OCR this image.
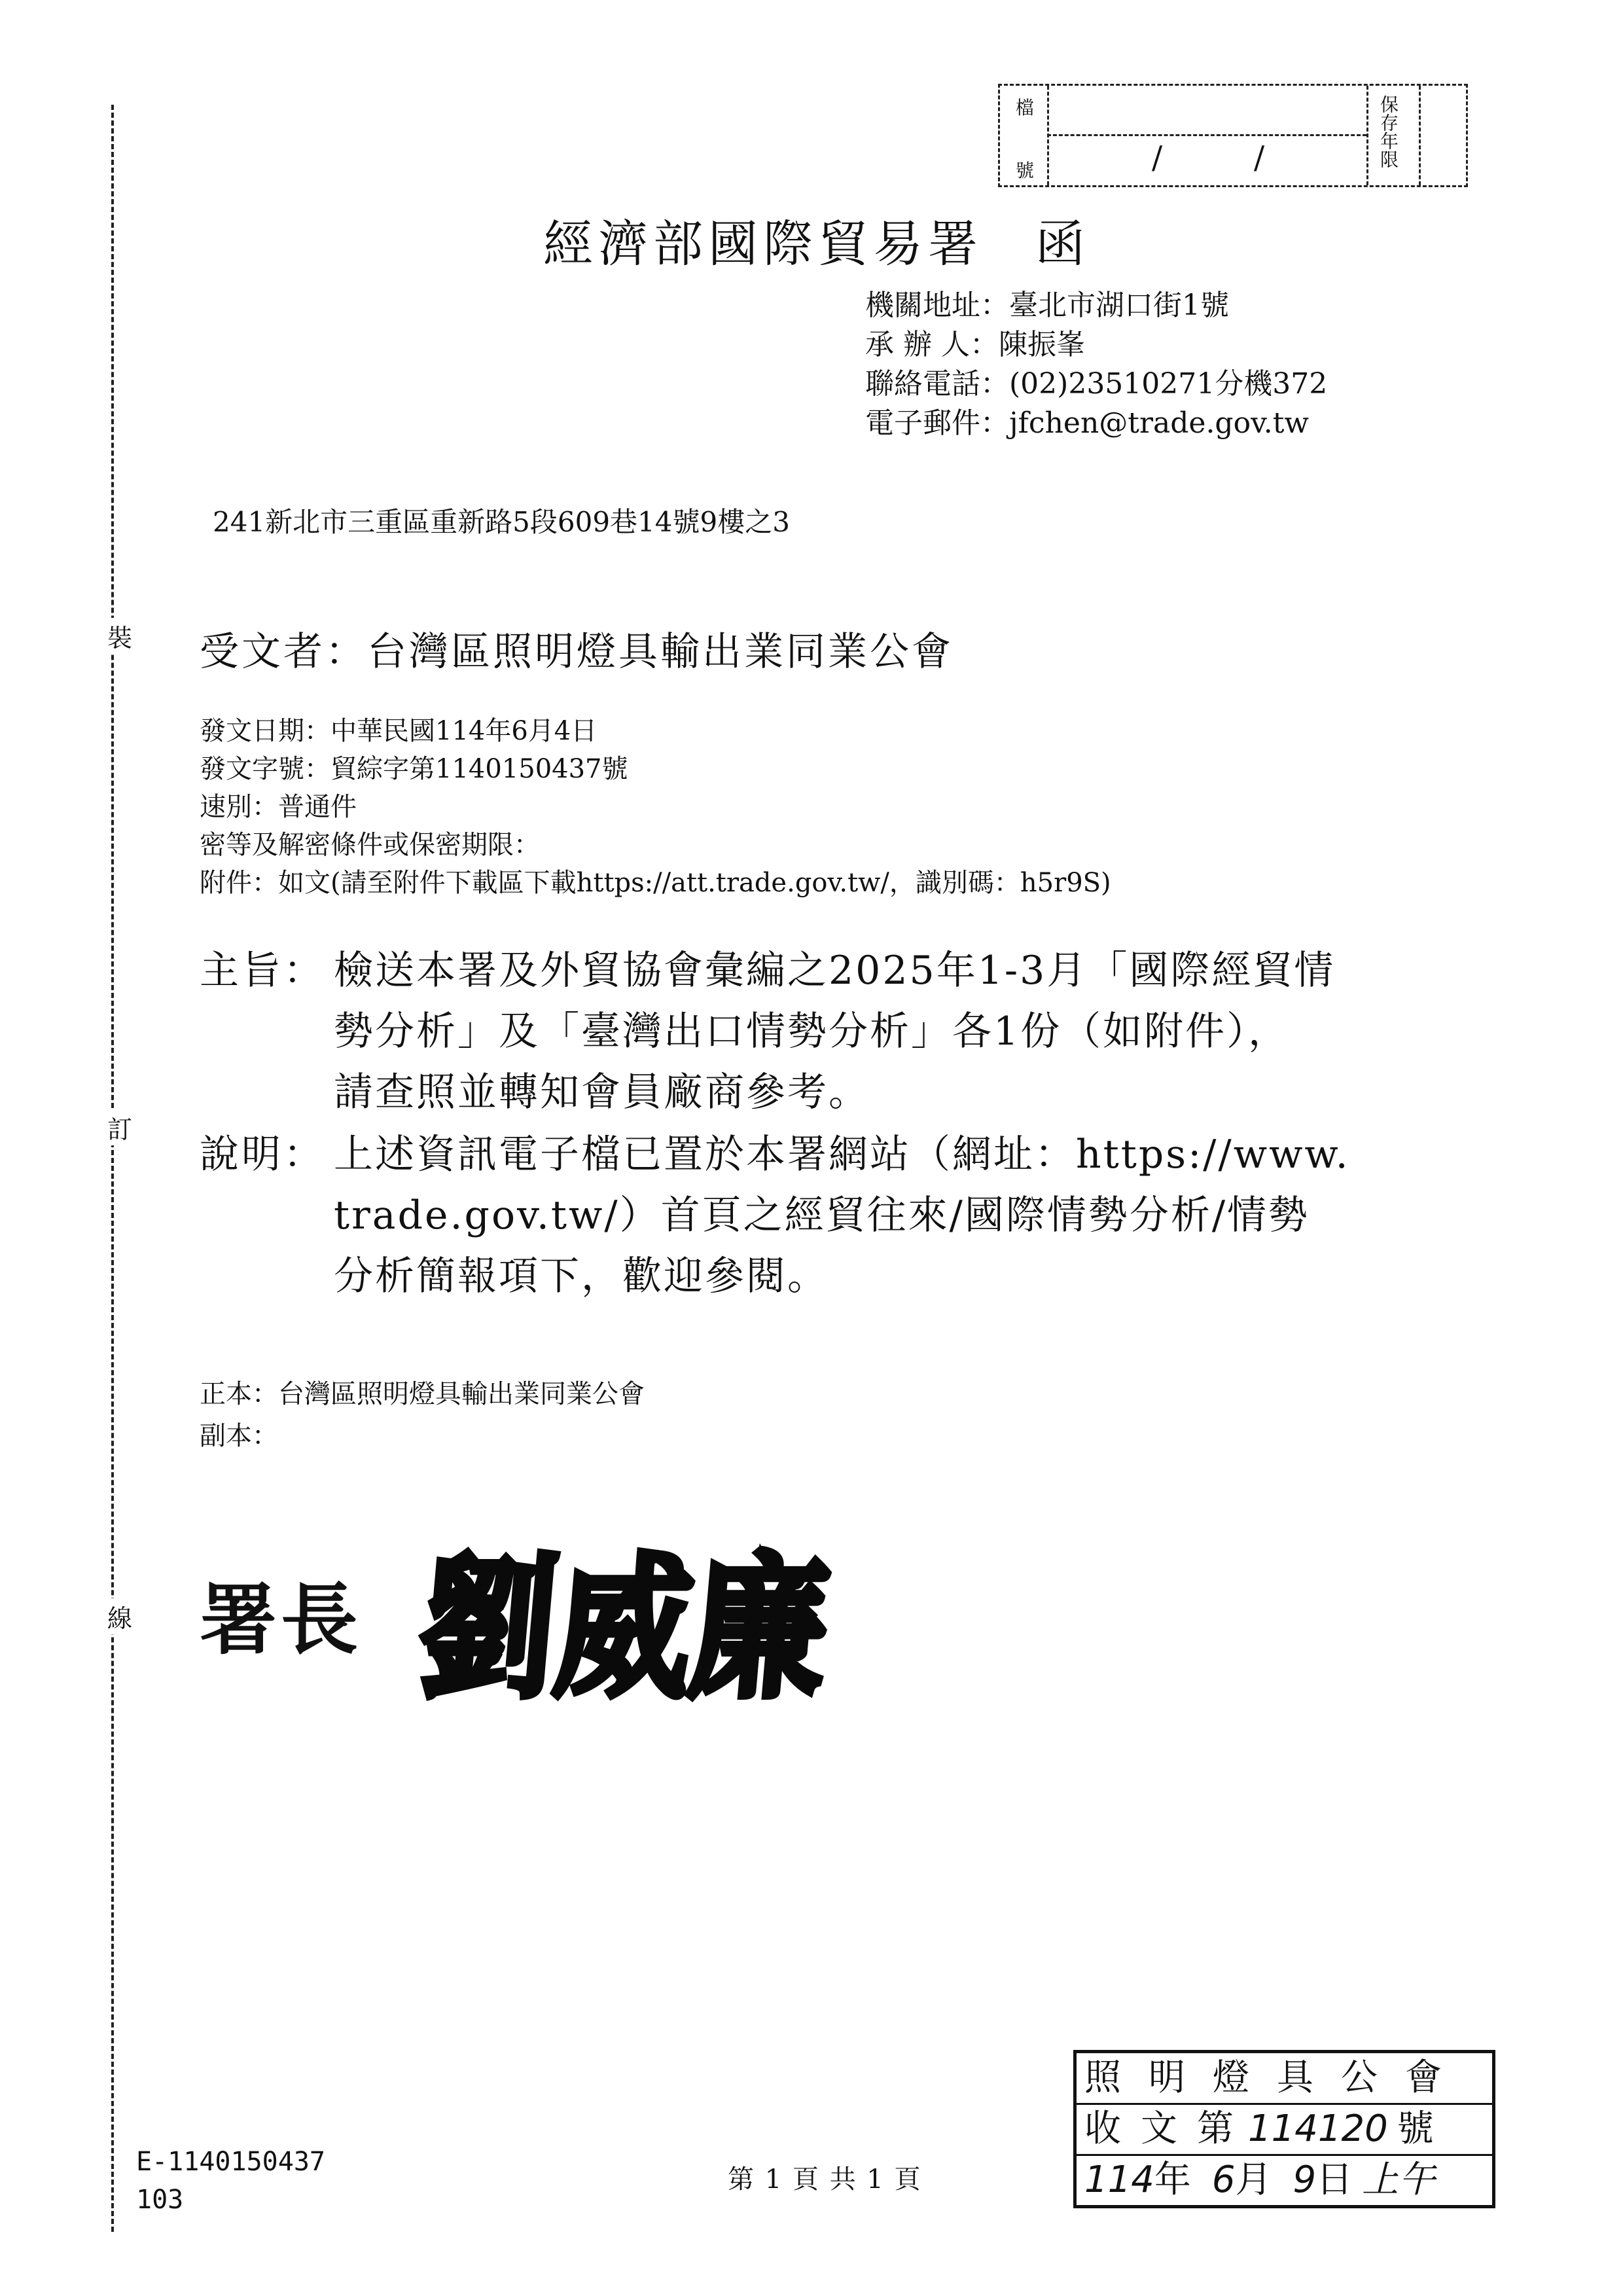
裝
訂
線
檔
號	/	/	保存年限
經濟部國際貿易署 函
機關地址：臺北市湖口街1號
承 辦 人：陳振峯
聯絡電話：(02)23510271分機372
電子郵件：jfchen@trade.gov.tw
241新北市三重區重新路5段609巷14號9樓之3
受文者：台灣區照明燈具輸出業同業公會
發文日期：中華民國114年6月4日
發文字號：貿綜字第1140150437號
速別：普通件
密等及解密條件或保密期限：
附件：如文(請至附件下載區下載https://att.trade.gov.tw/，識別碼：h5r9S)
主旨： 檢送本署及外貿協會彙編之2025年1-3月「國際經貿情
勢分析」及「臺灣出口情勢分析」各1份（如附件），
請查照並轉知會員廠商參考。
說明： 上述資訊電子檔已置於本署網站（網址：https://www.
trade.gov.tw/）首頁之經貿往來/國際情勢分析/情勢
分析簡報項下，歡迎參閱。
正本：台灣區照明燈具輸出業同業公會
副本：
署長 劉威廉
E-1140150437
103
第 1 頁 共 1 頁
照 明 燈 具 公 會
收 文 第 114120 號
114年 6月 9日 上午
